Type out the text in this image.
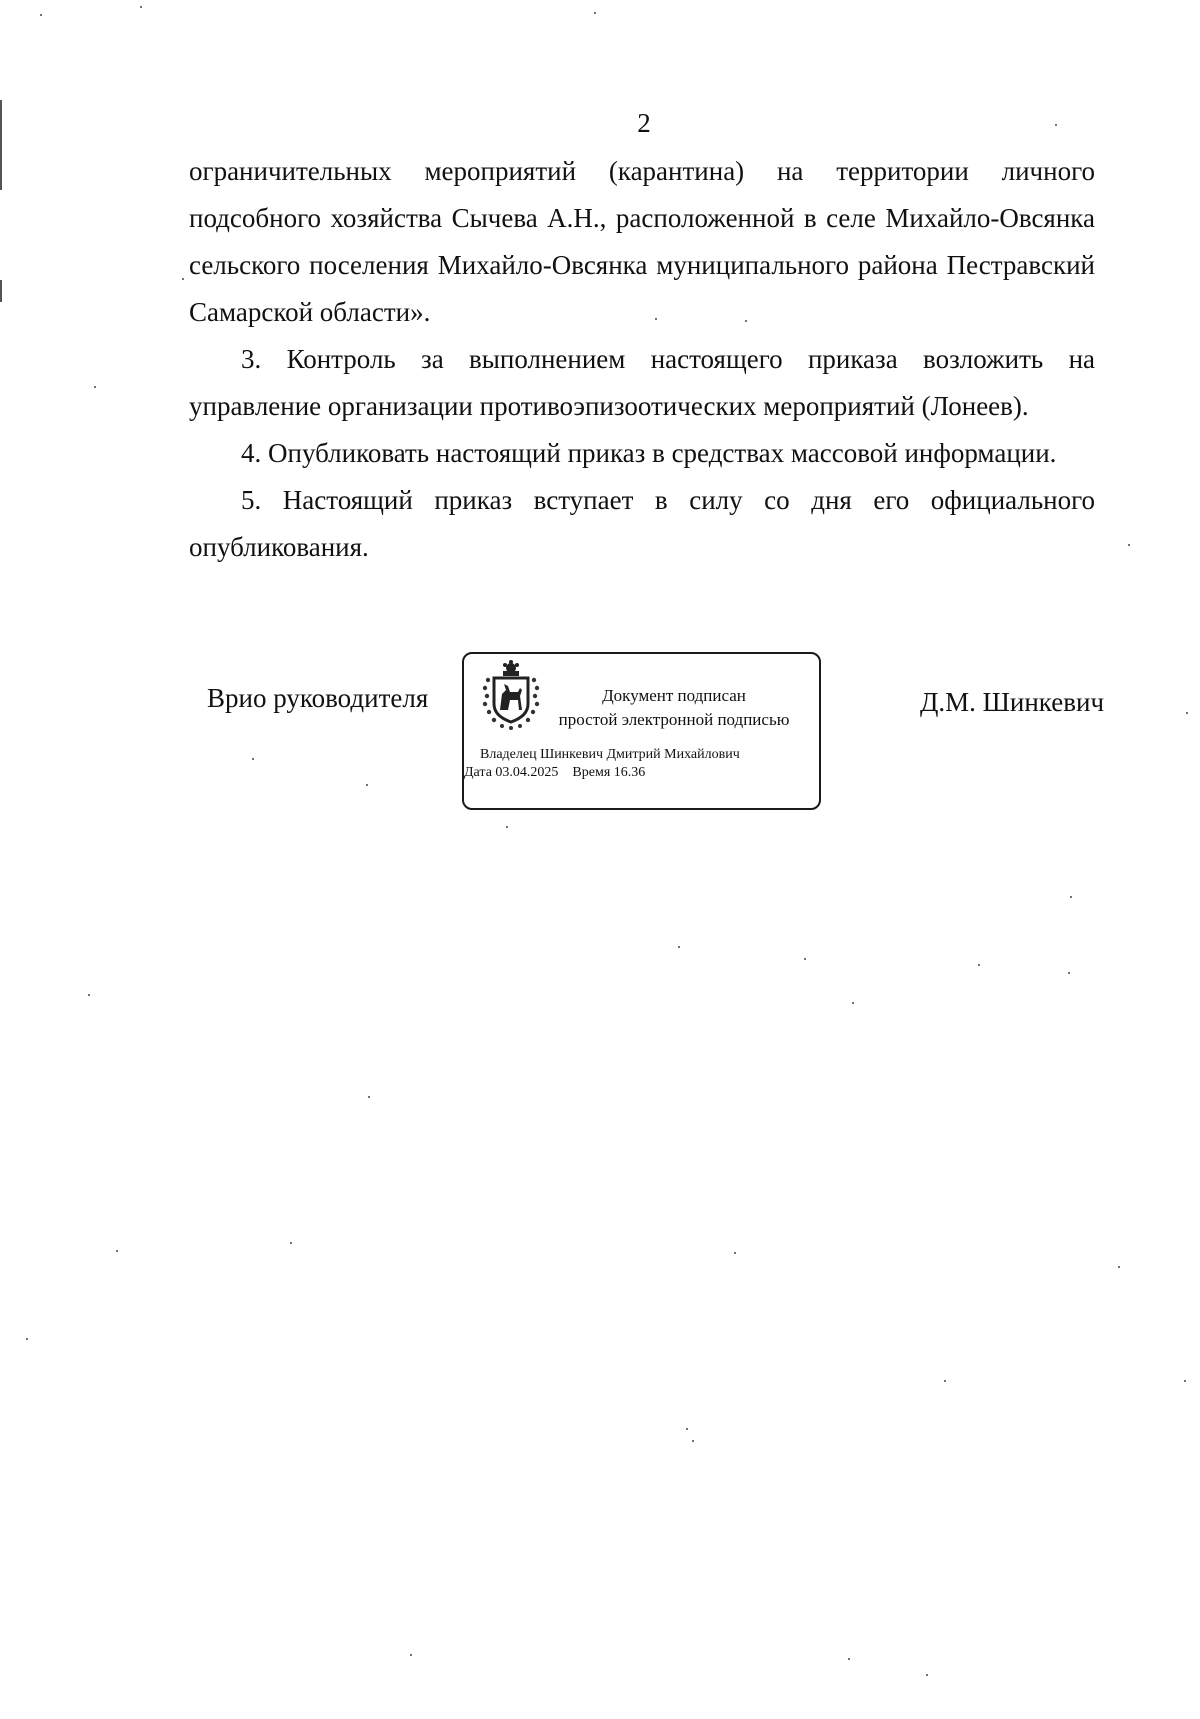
2

ограничительных мероприятий (карантина) на территории личного подсобного хозяйства Сычева А.Н., расположенной в селе Михайло-Овсянка сельского поселения Михайло-Овсянка муниципального района Пестравский Самарской области».

3. Контроль за выполнением настоящего приказа возложить на управление организации противоэпизоотических мероприятий (Лонеев).

4. Опубликовать настоящий приказ в средствах массовой информации.

5. Настоящий приказ вступает в силу со дня его официального опубликования.

Врио руководителя	Документ подписан
простой электронной подписью
Владелец Шинкевич Дмитрий Михайлович
Дата 03.04.2025 Время 16.36
Д.М. Шинкевич
